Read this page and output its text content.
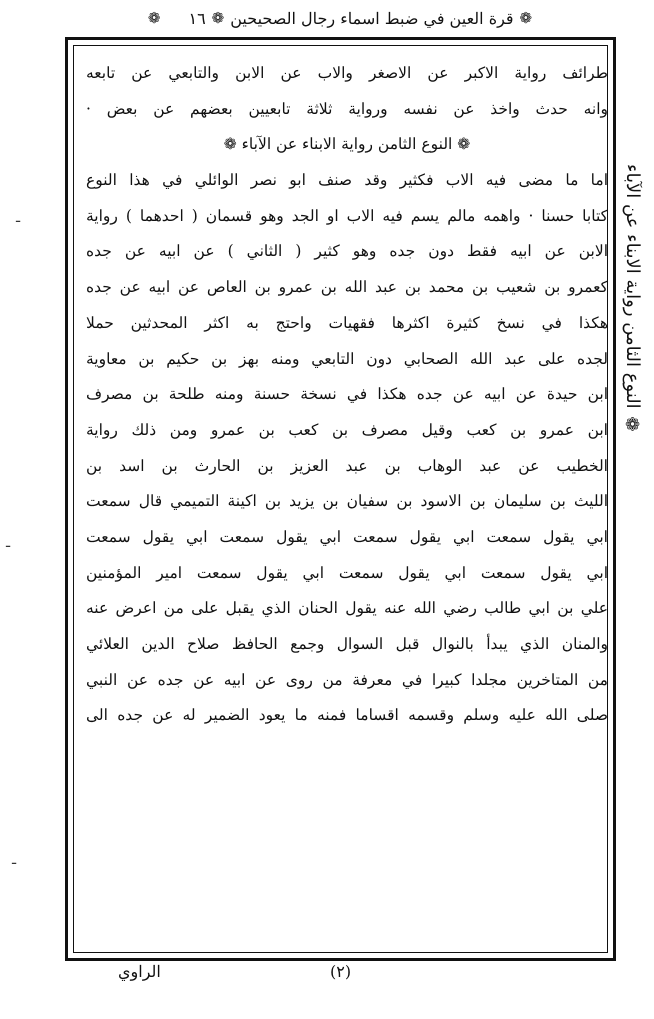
❁
قرة العين في ضبط اسماء رجال الصحيحين
❁
١٦
❁
طرائف رواية الاكبر عن الاصغر والاب عن الابن والتابعي عن تابعه
وانه حدث واخذ عن نفسه ورواية ثلاثة تابعيين بعضهم عن بعض ·
❁ النوع الثامن رواية الابناء عن الآباء ❁
اما ما مضى فيه الاب فكثير وقد صنف ابو نصر الوائلي في هذا النوع
كتابا حسنا · واهمه مالم يسم فيه الاب او الجد وهو قسمان ( احدهما ) رواية
الابن عن ابيه فقط دون جده وهو كثير ( الثاني ) عن ابيه عن جده
كعمرو بن شعيب بن محمد بن عبد الله بن عمرو بن العاص عن ابيه عن جده
هكذا في نسخ كثيرة اكثرها فقهيات واحتج به اكثر المحدثين حملا
لجده على عبد الله الصحابي دون التابعي ومنه بهز بن حكيم بن معاوية
ابن حيدة عن ابيه عن جده هكذا في نسخة حسنة ومنه طلحة بن مصرف
ابن عمرو بن كعب وقيل مصرف بن كعب بن عمرو ومن ذلك رواية
الخطيب عن عبد الوهاب بن عبد العزيز بن الحارث بن اسد بن
الليث بن سليمان بن الاسود بن سفيان بن يزيد بن اكينة التميمي قال سمعت
ابي يقول سمعت ابي يقول سمعت ابي يقول سمعت ابي يقول سمعت
ابي يقول سمعت ابي يقول سمعت ابي يقول سمعت امير المؤمنين
علي بن ابي طالب رضي الله عنه يقول الحنان الذي يقبل على من اعرض عنه
والمنان الذي يبدأ بالنوال قبل السوال وجمع الحافظ صلاح الدين العلائي
من المتاخرين مجلدا كبيرا في معرفة من روى عن ابيه عن جده عن النبي
صلى الله عليه وسلم وقسمه اقساما فمنه ما يعود الضمير له عن جده الى
❁ النوع الثامن رواية الابناء عن الآباء
ـ
ـ
ـ
الراوي	(٢)
